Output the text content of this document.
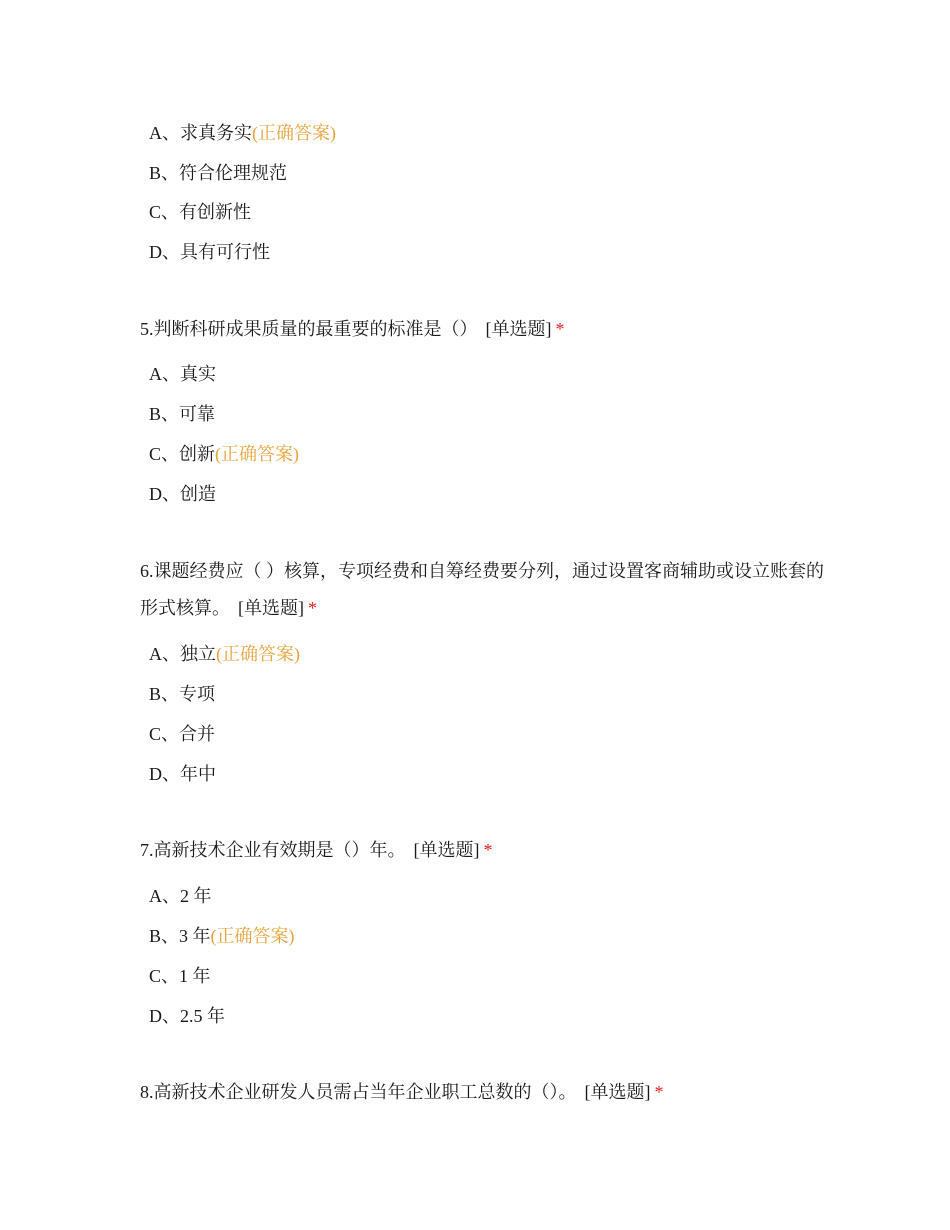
A、求真务实(正确答案)
B、符合伦理规范
C、有创新性
D、具有可行性
5.判断科研成果质量的最重要的标准是（） [单选题] *
A、真实
B、可靠
C、创新(正确答案)
D、创造
6.课题经费应（ ）核算，专项经费和自筹经费要分列，通过设置客商辅助或设立账套的形式核算。 [单选题] *
A、独立(正确答案)
B、专项
C、合并
D、年中
7.高新技术企业有效期是（）年。 [单选题] *
A、2 年
B、3 年(正确答案)
C、1 年
D、2.5 年
8.高新技术企业研发人员需占当年企业职工总数的（）。 [单选题] *
